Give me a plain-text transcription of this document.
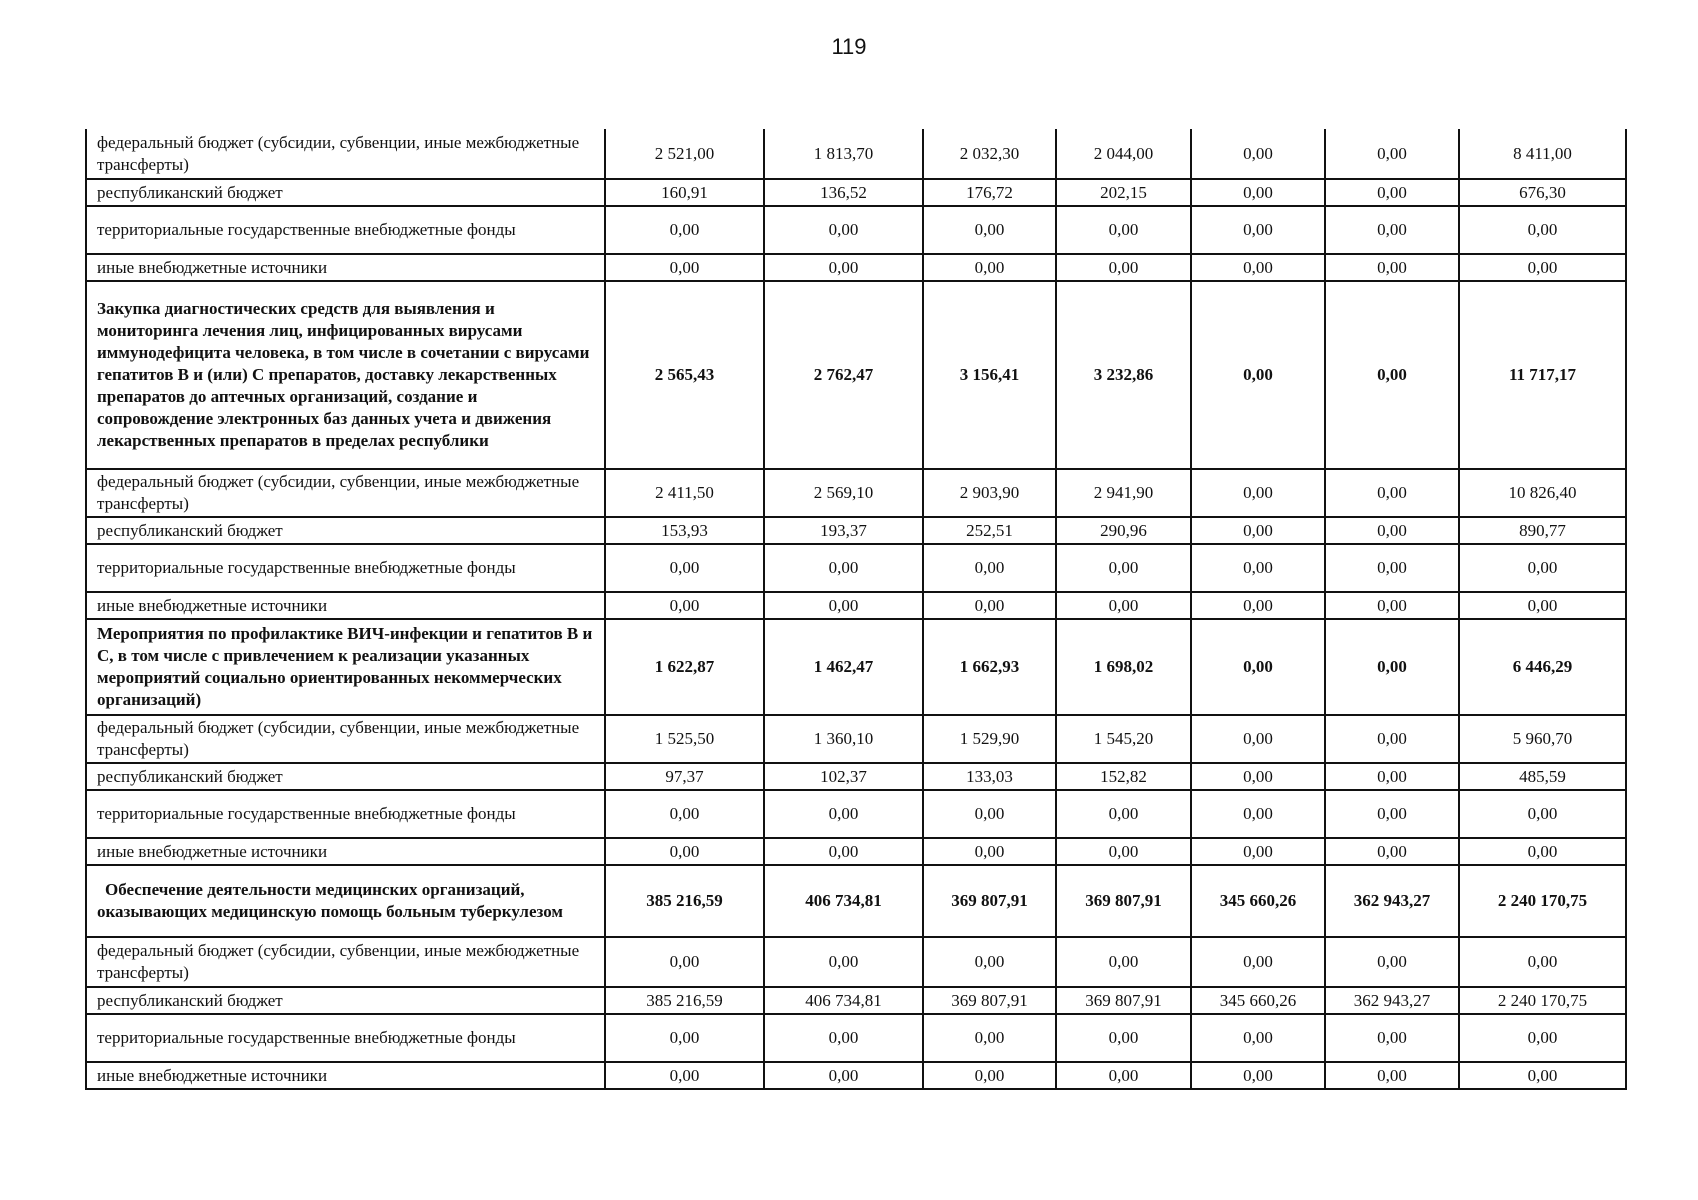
119
федеральный бюджет (субсидии, субвенции, иные межбюджетные трансферты)	2 521,00	1 813,70	2 032,30	2 044,00	0,00	0,00	8 411,00
республиканский бюджет	160,91	136,52	176,72	202,15	0,00	0,00	676,30
территориальные государственные внебюджетные фонды	0,00	0,00	0,00	0,00	0,00	0,00	0,00
иные внебюджетные источники	0,00	0,00	0,00	0,00	0,00	0,00	0,00
Закупка диагностических средств для выявления и мониторинга лечения лиц, инфицированных вирусами иммунодефицита человека, в том числе в сочетании с вирусами гепатитов В и (или) С препаратов, доставку лекарственных препаратов до аптечных организаций, создание и сопровождение электронных баз данных учета и движения лекарственных препаратов в пределах республики	2 565,43	2 762,47	3 156,41	3 232,86	0,00	0,00	11 717,17
федеральный бюджет (субсидии, субвенции, иные межбюджетные трансферты)	2 411,50	2 569,10	2 903,90	2 941,90	0,00	0,00	10 826,40
республиканский бюджет	153,93	193,37	252,51	290,96	0,00	0,00	890,77
территориальные государственные внебюджетные фонды	0,00	0,00	0,00	0,00	0,00	0,00	0,00
иные внебюджетные источники	0,00	0,00	0,00	0,00	0,00	0,00	0,00
Мероприятия по профилактике ВИЧ-инфекции и гепатитов В и С, в том числе с привлечением к реализации указанных мероприятий социально ориентированных некоммерческих организаций)	1 622,87	1 462,47	1 662,93	1 698,02	0,00	0,00	6 446,29
федеральный бюджет (субсидии, субвенции, иные межбюджетные трансферты)	1 525,50	1 360,10	1 529,90	1 545,20	0,00	0,00	5 960,70
республиканский бюджет	97,37	102,37	133,03	152,82	0,00	0,00	485,59
территориальные государственные внебюджетные фонды	0,00	0,00	0,00	0,00	0,00	0,00	0,00
иные внебюджетные источники	0,00	0,00	0,00	0,00	0,00	0,00	0,00
Обеспечение деятельности медицинских организаций, оказывающих медицинскую помощь больным туберкулезом	385 216,59	406 734,81	369 807,91	369 807,91	345 660,26	362 943,27	2 240 170,75
федеральный бюджет (субсидии, субвенции, иные межбюджетные трансферты)	0,00	0,00	0,00	0,00	0,00	0,00	0,00
республиканский бюджет	385 216,59	406 734,81	369 807,91	369 807,91	345 660,26	362 943,27	2 240 170,75
территориальные государственные внебюджетные фонды	0,00	0,00	0,00	0,00	0,00	0,00	0,00
иные внебюджетные источники	0,00	0,00	0,00	0,00	0,00	0,00	0,00
